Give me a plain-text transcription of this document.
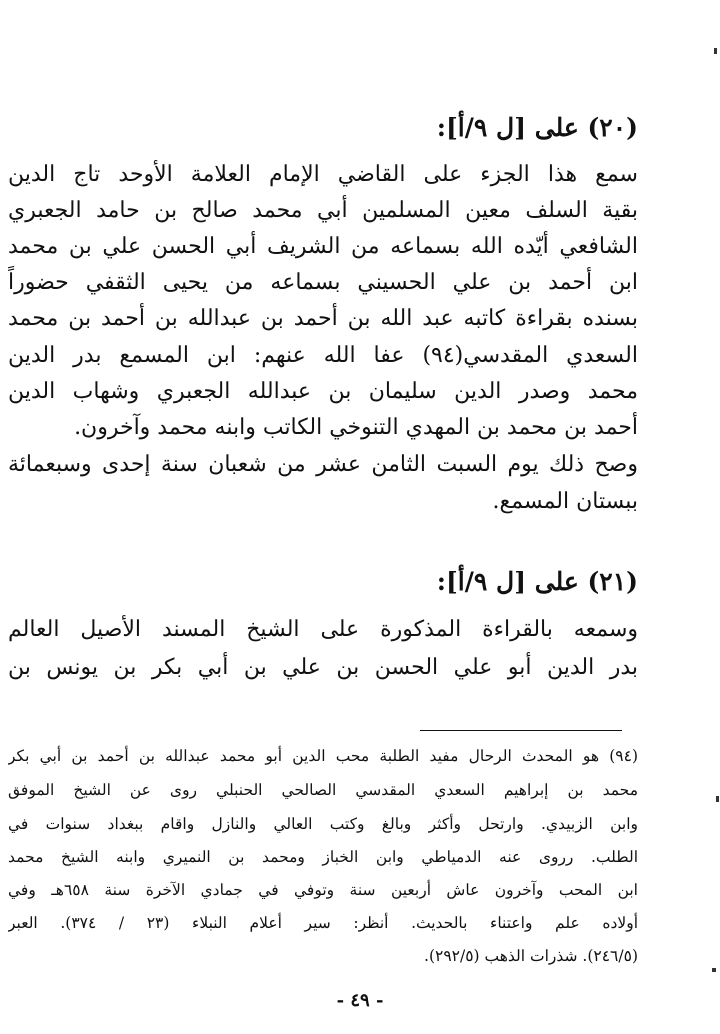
(٢٠) على [ل ٩/أ]:
سمع هذا الجزء على القاضي الإمام العلامة الأوحد تاج الدين
بقية السلف معين المسلمين أبي محمد صالح بن حامد الجعبري
الشافعي أيّده الله بسماعه من الشريف أبي الحسن علي بن محمد
ابن أحمد بن علي الحسيني بسماعه من يحيى الثقفي حضوراً
بسنده بقراءة كاتبه عبد الله بن أحمد بن عبدالله بن أحمد بن محمد
السعدي المقدسي(٩٤) عفا الله عنهم: ابن المسمع بدر الدين
محمد وصدر الدين سليمان بن عبدالله الجعبري وشهاب الدين
أحمد بن محمد بن المهدي التنوخي الكاتب وابنه محمد وآخرون.
وصح ذلك يوم السبت الثامن عشر من شعبان سنة إحدى وسبعمائة
ببستان المسمع.
(٢١) على [ل ٩/أ]:
وسمعه بالقراءة المذكورة على الشيخ المسند الأصيل العالم
بدر الدين أبو علي الحسن بن علي بن أبي بكر بن يونس بن
(٩٤) هو المحدث الرحال مفيد الطلبة محب الدين أبو محمد عبدالله بن أحمد بن أبي بكر
محمد بن إبراهيم السعدي المقدسي الصالحي الحنبلي روى عن الشيخ الموفق
وابن الزبيدي. وارتحل وأكثر وبالغ وكتب العالي والنازل واقام ببغداد سنوات في
الطلب. رروى عنه الدمياطي وابن الخباز ومحمد بن النميري وابنه الشيخ محمد
ابن المحب وآخرون عاش أربعين سنة وتوفي في جمادي الآخرة سنة ٦٥٨هـ وفي
أولاده علم واعتناء بالحديث. أنظر: سير أعلام النبلاء (٢٣ / ٣٧٤). العبر
(٢٤٦/٥). شذرات الذهب (٢٩٢/٥).
- ٤٩ -
